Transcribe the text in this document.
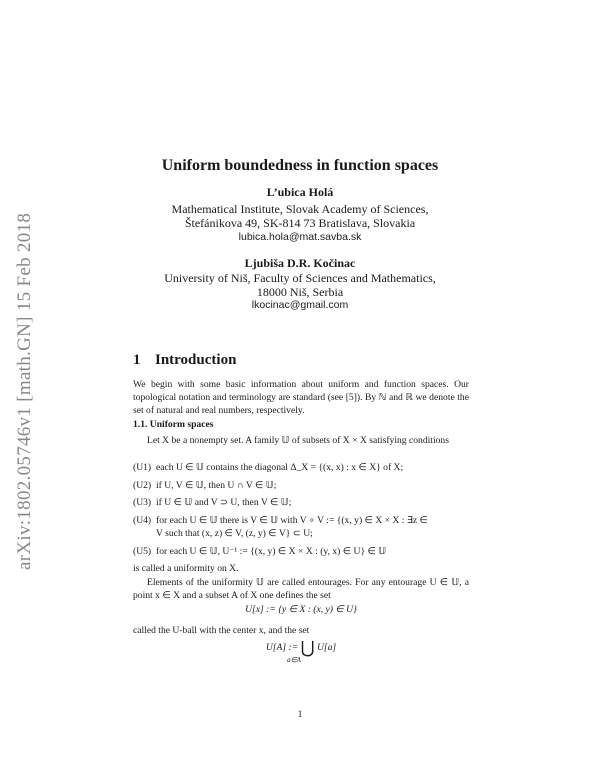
arXiv:1802.05746v1 [math.GN] 15 Feb 2018
Uniform boundedness in function spaces
L’ubica Holá
Mathematical Institute, Slovak Academy of Sciences,
Štefánikova 49, SK-814 73 Bratislava, Slovakia
lubica.hola@mat.savba.sk
Ljubiša D.R. Kočinac
University of Niš, Faculty of Sciences and Mathematics,
18000 Niš, Serbia
lkocinac@gmail.com
1 Introduction
We begin with some basic information about uniform and function spaces. Our topological notation and terminology are standard (see [5]). By ℕ and ℝ we denote the set of natural and real numbers, respectively.
1.1. Uniform spaces
Let X be a nonempty set. A family 𝕌 of subsets of X × X satisfying conditions
(U1) each U ∈ 𝕌 contains the diagonal Δ_X = {(x, x) : x ∈ X} of X;
(U2) if U, V ∈ 𝕌, then U ∩ V ∈ 𝕌;
(U3) if U ∈ 𝕌 and V ⊃ U, then V ∈ 𝕌;
(U4) for each U ∈ 𝕌 there is V ∈ 𝕌 with V ∘ V := {(x, y) ∈ X × X : ∃z ∈
V such that (x, z) ∈ V, (z, y) ∈ V} ⊂ U;
(U5) for each U ∈ 𝕌, U⁻¹ := {(x, y) ∈ X × X : (y, x) ∈ U} ∈ 𝕌
is called a uniformity on X.
Elements of the uniformity 𝕌 are called entourages. For any entourage U ∈ 𝕌, a point x ∈ X and a subset A of X one defines the set
U[x] := {y ∈ X : (x, y) ∈ U}
called the U-ball with the center x, and the set
U[A] := ⋃ U[a]
a∈A
1
